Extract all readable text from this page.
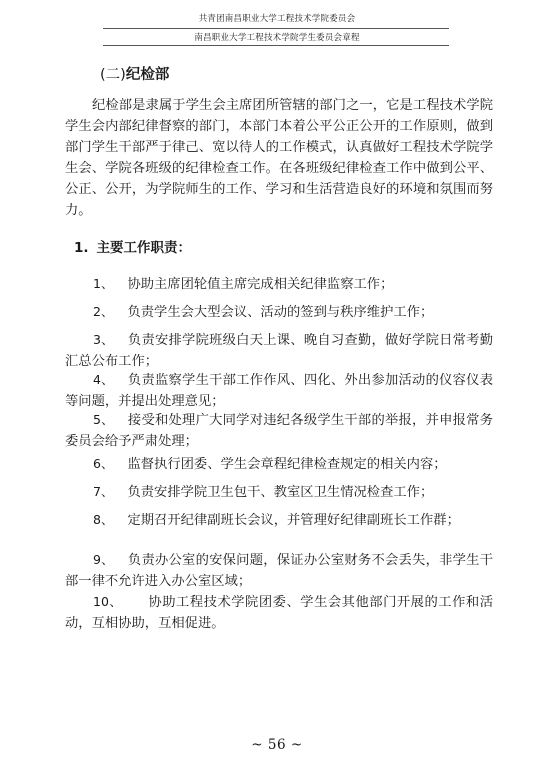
共青团南昌职业大学工程技术学院委员会
南昌职业大学工程技术学院学生委员会章程
(二)纪检部
纪检部是隶属于学生会主席团所管辖的部门之一，它是工程技术学院学生会内部纪律督察的部门，本部门本着公平公正公开的工作原则，做到部门学生干部严于律己、宽以待人的工作模式，认真做好工程技术学院学生会、学院各班级的纪律检查工作。在各班级纪律检查工作中做到公平、公正、公开，为学院师生的工作、学习和生活营造良好的环境和氛围而努力。
1. 主要工作职责：
1、 协助主席团轮值主席完成相关纪律监察工作；
2、 负责学生会大型会议、活动的签到与秩序维护工作；
3、 负责安排学院班级白天上课、晚自习查勤，做好学院日常考勤汇总公布工作；
4、 负责监察学生干部工作作风、四化、外出参加活动的仪容仪表等问题，并提出处理意见；
5、 接受和处理广大同学对违纪各级学生干部的举报，并申报常务委员会给予严肃处理；
6、 监督执行团委、学生会章程纪律检查规定的相关内容；
7、 负责安排学院卫生包干、教室区卫生情况检查工作；
8、 定期召开纪律副班长会议，并管理好纪律副班长工作群；
9、 负责办公室的安保问题，保证办公室财务不会丢失，非学生干部一律不允许进入办公室区域；
10、 协助工程技术学院团委、学生会其他部门开展的工作和活动，互相协助，互相促进。
~ 56 ~
